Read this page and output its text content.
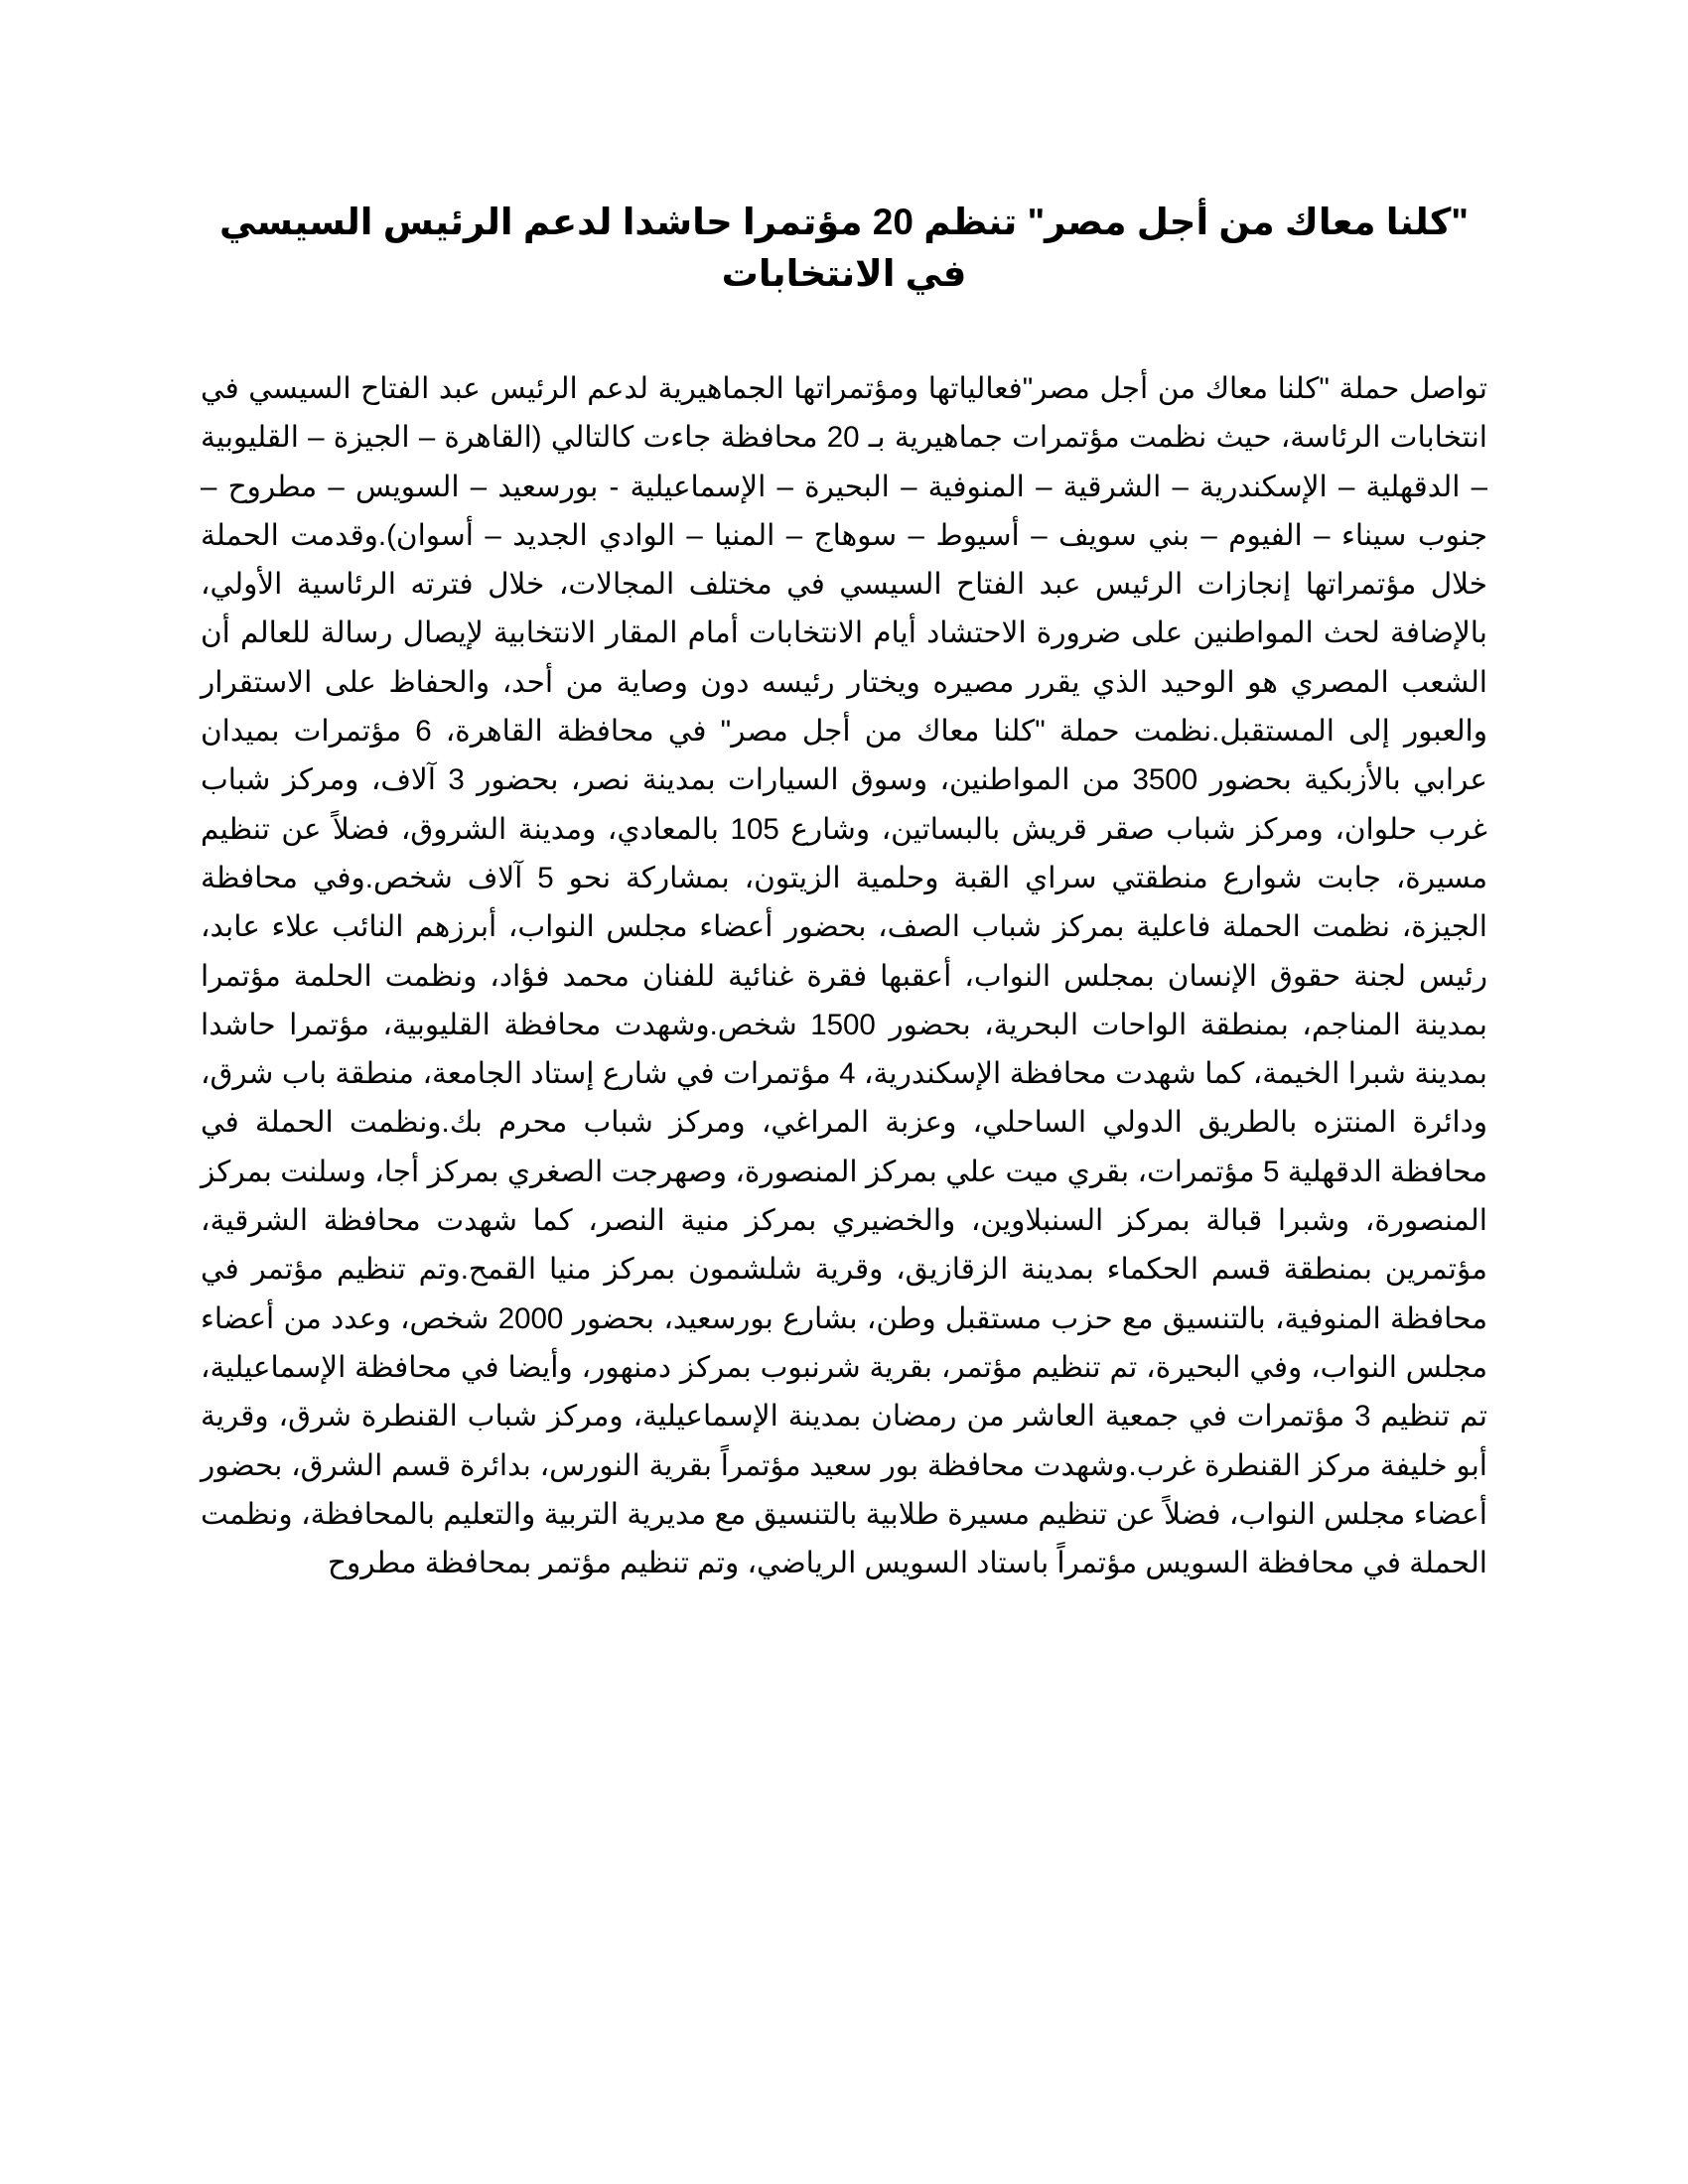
"كلنا معاك من أجل مصر" تنظم 20 مؤتمرا حاشدا لدعم الرئيس السيسي في الانتخابات

تواصل حملة "كلنا معاك من أجل مصر"فعالياتها ومؤتمراتها الجماهيرية لدعم الرئيس عبد الفتاح السيسي في انتخابات الرئاسة، حيث نظمت مؤتمرات جماهيرية بـ 20 محافظة جاءت كالتالي (القاهرة – الجيزة – القليوبية – الدقهلية – الإسكندرية – الشرقية – المنوفية – البحيرة – الإسماعيلية - بورسعيد – السويس – مطروح – جنوب سيناء – الفيوم – بني سويف – أسيوط – سوهاج – المنيا – الوادي الجديد – أسوان).وقدمت الحملة خلال مؤتمراتها إنجازات الرئيس عبد الفتاح السيسي في مختلف المجالات، خلال فترته الرئاسية الأولي، بالإضافة لحث المواطنين على ضرورة الاحتشاد أيام الانتخابات أمام المقار الانتخابية لإيصال رسالة للعالم أن الشعب المصري هو الوحيد الذي يقرر مصيره ويختار رئيسه دون وصاية من أحد، والحفاظ على الاستقرار والعبور إلى المستقبل.نظمت حملة "كلنا معاك من أجل مصر" في محافظة القاهرة، 6 مؤتمرات بميدان عرابي بالأزبكية بحضور 3500 من المواطنين، وسوق السيارات بمدينة نصر، بحضور 3 آلاف، ومركز شباب غرب حلوان، ومركز شباب صقر قريش بالبساتين، وشارع 105 بالمعادي، ومدينة الشروق، فضلاً عن تنظيم مسيرة، جابت شوارع منطقتي سراي القبة وحلمية الزيتون، بمشاركة نحو 5 آلاف شخص.وفي محافظة الجيزة، نظمت الحملة فاعلية بمركز شباب الصف، بحضور أعضاء مجلس النواب، أبرزهم النائب علاء عابد، رئيس لجنة حقوق الإنسان بمجلس النواب، أعقبها فقرة غنائية للفنان محمد فؤاد، ونظمت الحلمة مؤتمرا بمدينة المناجم، بمنطقة الواحات البحرية، بحضور 1500 شخص.وشهدت محافظة القليوبية، مؤتمرا حاشدا بمدينة شبرا الخيمة، كما شهدت محافظة الإسكندرية، 4 مؤتمرات في شارع إستاد الجامعة، منطقة باب شرق، ودائرة المنتزه بالطريق الدولي الساحلي، وعزبة المراغي، ومركز شباب محرم بك.ونظمت الحملة في محافظة الدقهلية 5 مؤتمرات، بقري ميت علي بمركز المنصورة، وصهرجت الصغري بمركز أجا، وسلنت بمركز المنصورة، وشبرا قبالة بمركز السنبلاوين، والخضيري بمركز منية النصر، كما شهدت محافظة الشرقية، مؤتمرين بمنطقة قسم الحكماء بمدينة الزقازيق، وقرية شلشمون بمركز منيا القمح.وتم تنظيم مؤتمر في محافظة المنوفية، بالتنسيق مع حزب مستقبل وطن، بشارع بورسعيد، بحضور 2000 شخص، وعدد من أعضاء مجلس النواب، وفي البحيرة، تم تنظيم مؤتمر، بقرية شرنبوب بمركز دمنهور، وأيضا في محافظة الإسماعيلية، تم تنظيم 3 مؤتمرات في جمعية العاشر من رمضان بمدينة الإسماعيلية، ومركز شباب القنطرة شرق، وقرية أبو خليفة مركز القنطرة غرب.وشهدت محافظة بور سعيد مؤتمراً بقرية النورس، بدائرة قسم الشرق، بحضور أعضاء مجلس النواب، فضلاً عن تنظيم مسيرة طلابية بالتنسيق مع مديرية التربية والتعليم بالمحافظة، ونظمت الحملة في محافظة السويس مؤتمراً باستاد السويس الرياضي، وتم تنظيم مؤتمر بمحافظة مطروح
